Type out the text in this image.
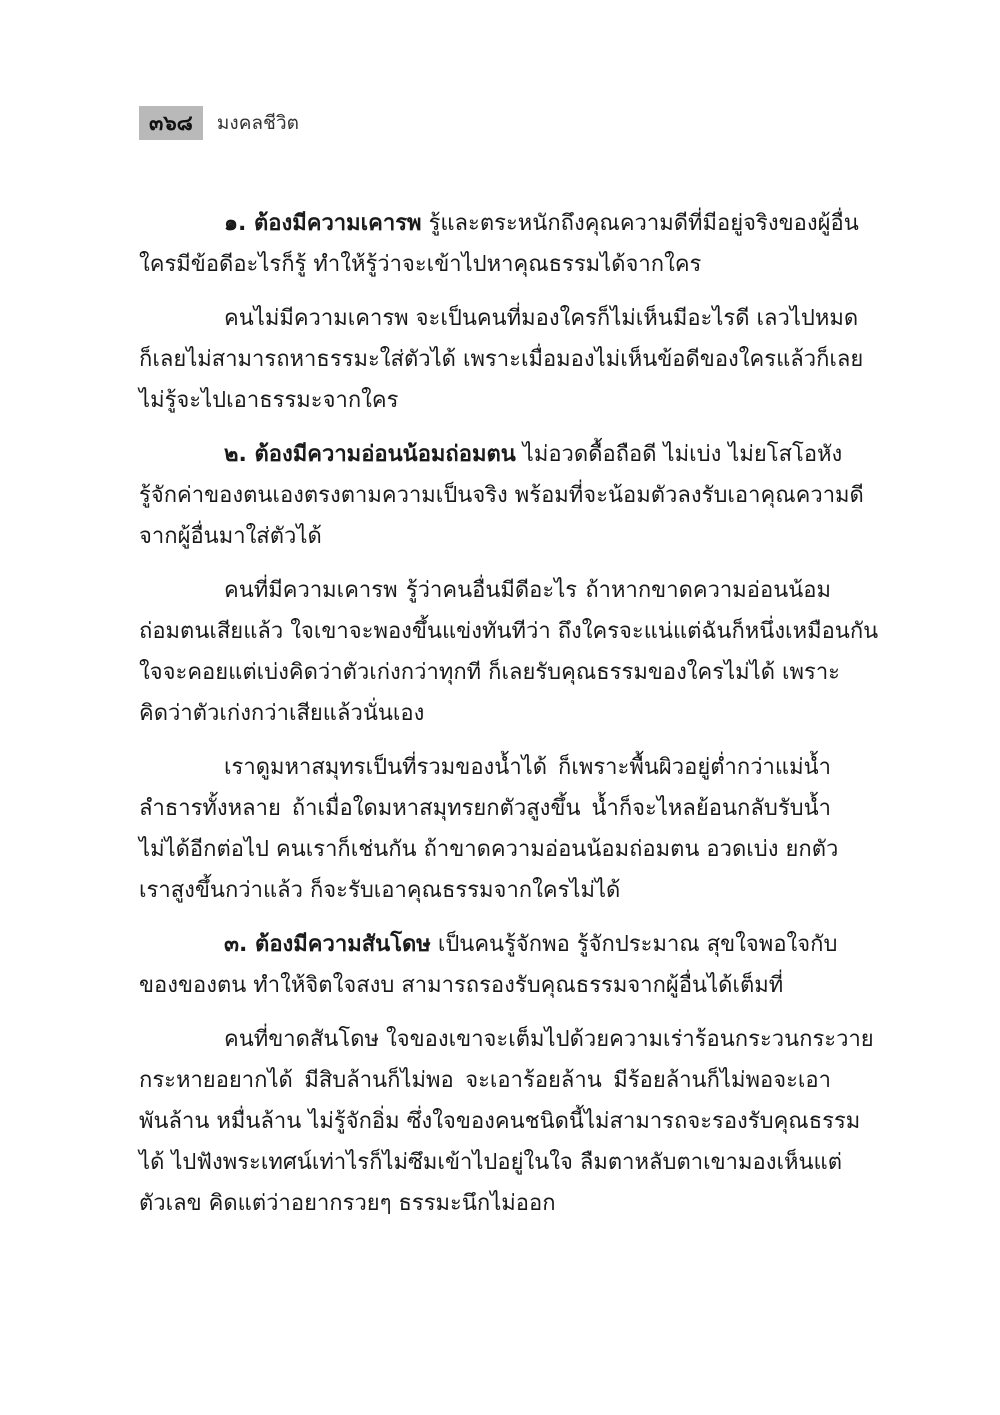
๓๖๘	มงคลชีวิต

๑. ต้องมีความเคารพ รู้และตระหนักถึงคุณความดีที่มีอยู่จริงของผู้อื่น
ใครมีข้อดีอะไรก็รู้ ทำให้รู้ว่าจะเข้าไปหาคุณธรรมได้จากใคร

คนไม่มีความเคารพ จะเป็นคนที่มองใครก็ไม่เห็นมีอะไรดี เลวไปหมด
ก็เลยไม่สามารถหาธรรมะใส่ตัวได้ เพราะเมื่อมองไม่เห็นข้อดีของใครแล้วก็เลย
ไม่รู้จะไปเอาธรรมะจากใคร

๒. ต้องมีความอ่อนน้อมถ่อมตน ไม่อวดดื้อถือดี ไม่เบ่ง ไม่ยโสโอหัง
รู้จักค่าของตนเองตรงตามความเป็นจริง พร้อมที่จะน้อมตัวลงรับเอาคุณความดี
จากผู้อื่นมาใส่ตัวได้

คนที่มีความเคารพ รู้ว่าคนอื่นมีดีอะไร ถ้าหากขาดความอ่อนน้อม
ถ่อมตนเสียแล้ว ใจเขาจะพองขึ้นแข่งทันทีว่า ถึงใครจะแน่แต่ฉันก็หนึ่งเหมือนกัน
ใจจะคอยแต่เบ่งคิดว่าตัวเก่งกว่าทุกที ก็เลยรับคุณธรรมของใครไม่ได้ เพราะ
คิดว่าตัวเก่งกว่าเสียแล้วนั่นเอง

เราดูมหาสมุทรเป็นที่รวมของน้ำได้ ก็เพราะพื้นผิวอยู่ต่ำกว่าแม่น้ำ
ลำธารทั้งหลาย ถ้าเมื่อใดมหาสมุทรยกตัวสูงขึ้น น้ำก็จะไหลย้อนกลับรับน้ำ
ไม่ได้อีกต่อไป คนเราก็เช่นกัน ถ้าขาดความอ่อนน้อมถ่อมตน อวดเบ่ง ยกตัว
เราสูงขึ้นกว่าแล้ว ก็จะรับเอาคุณธรรมจากใครไม่ได้

๓. ต้องมีความสันโดษ เป็นคนรู้จักพอ รู้จักประมาณ สุขใจพอใจกับ
ของของตน ทำให้จิตใจสงบ สามารถรองรับคุณธรรมจากผู้อื่นได้เต็มที่

คนที่ขาดสันโดษ ใจของเขาจะเต็มไปด้วยความเร่าร้อนกระวนกระวาย
กระหายอยากได้ มีสิบล้านก็ไม่พอ จะเอาร้อยล้าน มีร้อยล้านก็ไม่พอจะเอา
พันล้าน หมื่นล้าน ไม่รู้จักอิ่ม ซึ่งใจของคนชนิดนี้ไม่สามารถจะรองรับคุณธรรม
ได้ ไปฟังพระเทศน์เท่าไรก็ไม่ซึมเข้าไปอยู่ในใจ ลืมตาหลับตาเขามองเห็นแต่
ตัวเลข คิดแต่ว่าอยากรวยๆ ธรรมะนึกไม่ออก
